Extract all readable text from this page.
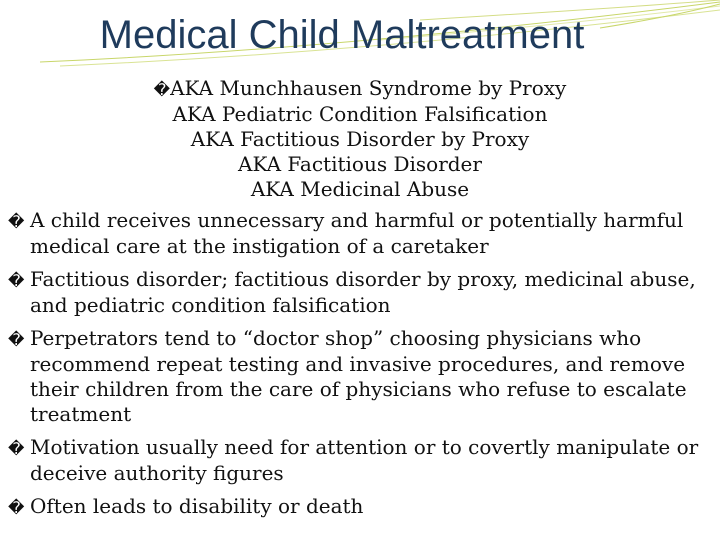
Medical Child Maltreatment
�AKA Munchhausen Syndrome by Proxy
AKA Pediatric Condition Falsification
AKA Factitious Disorder by Proxy
AKA Factitious Disorder
AKA Medicinal Abuse
� A child receives unnecessary and harmful or potentially harmful medical care at the instigation of a caretaker
� Factitious disorder; factitious disorder by proxy, medicinal abuse, and pediatric condition falsification
� Perpetrators tend to “doctor shop” choosing physicians who recommend repeat testing and invasive procedures, and remove their children from the care of physicians who refuse to escalate treatment
� Motivation usually need for attention or to covertly manipulate or deceive authority figures
� Often leads to disability or death
